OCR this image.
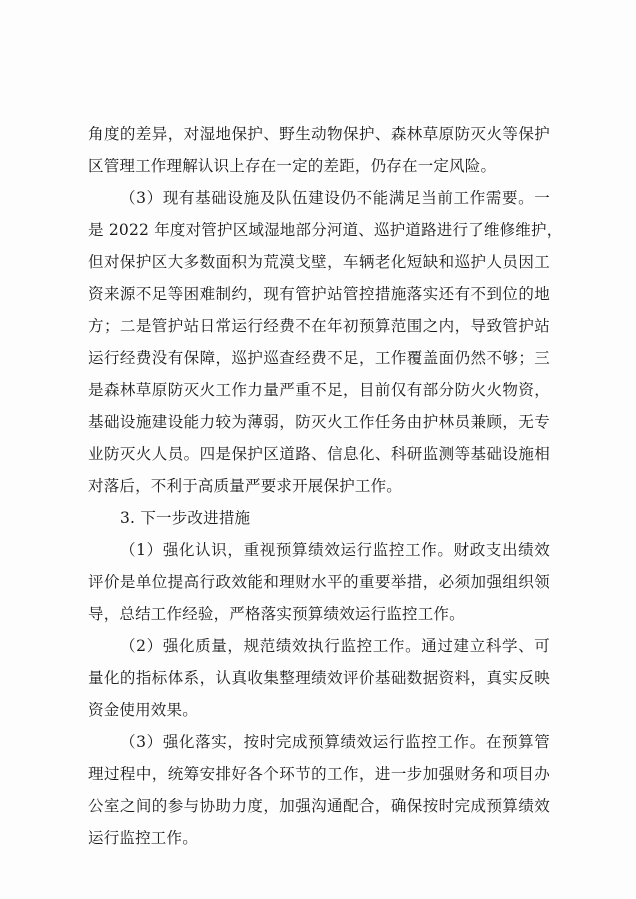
角度的差异，对湿地保护、野生动物保护、森林草原防灭火等保护
区管理工作理解认识上存在一定的差距，仍存在一定风险。
（3）现有基础设施及队伍建设仍不能满足当前工作需要。一
是 2022 年度对管护区域湿地部分河道、巡护道路进行了维修维护，
但对保护区大多数面积为荒漠戈壁，车辆老化短缺和巡护人员因工
资来源不足等困难制约，现有管护站管控措施落实还有不到位的地
方；二是管护站日常运行经费不在年初预算范围之内，导致管护站
运行经费没有保障，巡护巡查经费不足，工作覆盖面仍然不够；三
是森林草原防灭火工作力量严重不足，目前仅有部分防火火物资，
基础设施建设能力较为薄弱，防灭火工作任务由护林员兼顾，无专
业防灭火人员。四是保护区道路、信息化、科研监测等基础设施相
对落后，不利于高质量严要求开展保护工作。
3. 下一步改进措施
（1）强化认识，重视预算绩效运行监控工作。财政支出绩效
评价是单位提高行政效能和理财水平的重要举措，必须加强组织领
导，总结工作经验，严格落实预算绩效运行监控工作。
（2）强化质量，规范绩效执行监控工作。通过建立科学、可
量化的指标体系，认真收集整理绩效评价基础数据资料，真实反映
资金使用效果。
（3）强化落实，按时完成预算绩效运行监控工作。在预算管
理过程中，统筹安排好各个环节的工作，进一步加强财务和项目办
公室之间的参与协助力度，加强沟通配合，确保按时完成预算绩效
运行监控工作。
